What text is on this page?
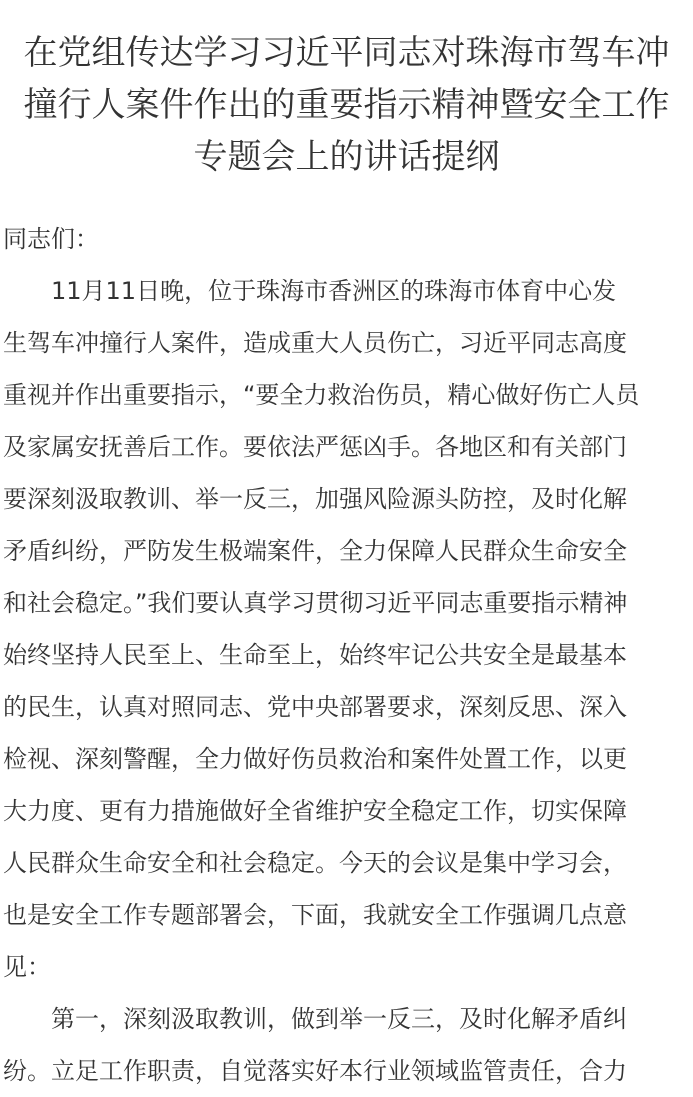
在党组传达学习习近平同志对珠海市驾车冲
撞行人案件作出的重要指示精神暨安全工作
专题会上的讲话提纲
同志们：
11月11日晚，位于珠海市香洲区的珠海市体育中心发
生驾车冲撞行人案件，造成重大人员伤亡，习近平同志高度
重视并作出重要指示，“要全力救治伤员，精心做好伤亡人员
及家属安抚善后工作。要依法严惩凶手。各地区和有关部门
要深刻汲取教训、举一反三，加强风险源头防控，及时化解
矛盾纠纷，严防发生极端案件，全力保障人民群众生命安全
和社会稳定。”我们要认真学习贯彻习近平同志重要指示精神
始终坚持人民至上、生命至上，始终牢记公共安全是最基本
的民生，认真对照同志、党中央部署要求，深刻反思、深入
检视、深刻警醒，全力做好伤员救治和案件处置工作，以更
大力度、更有力措施做好全省维护安全稳定工作，切实保障
人民群众生命安全和社会稳定。今天的会议是集中学习会，
也是安全工作专题部署会，下面，我就安全工作强调几点意
见：
第一，深刻汲取教训，做到举一反三，及时化解矛盾纠
纷。立足工作职责，自觉落实好本行业领域监管责任，合力
